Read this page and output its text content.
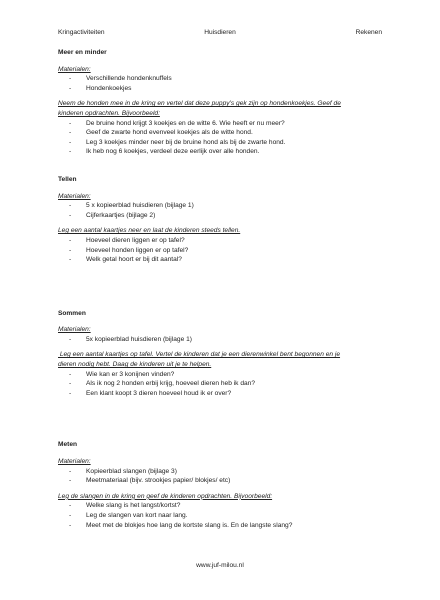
Kringactiviteiten	Huisdieren	Rekenen
Meer en minder
Materialen:
- Verschillende hondenknuffels
- Hondenkoekjes
Neem de honden mee in de kring en vertel dat deze puppy’s gek zijn op hondenkoekjes. Geef de
kinderen opdrachten. Bijvoorbeeld:
- De bruine hond krijgt 3 koekjes en de witte 6. Wie heeft er nu meer?
- Geef de zwarte hond evenveel koekjes als de witte hond.
- Leg 3 koekjes minder neer bij de bruine hond als bij de zwarte hond.
- Ik heb nog 6 koekjes, verdeel deze eerlijk over alle honden.
Tellen
Materialen:
- 5 x kopieerblad huisdieren (bijlage 1)
- Cijferkaartjes (bijlage 2)
Leg een aantal kaartjes neer en laat de kinderen steeds tellen.
- Hoeveel dieren liggen er op tafel?
- Hoeveel honden liggen er op tafel?
- Welk getal hoort er bij dit aantal?
Sommen
Materialen:
- 5x kopieerblad huisdieren (bijlage 1)
Leg een aantal kaartjes op tafel. Vertel de kinderen dat je een dierenwinkel bent begonnen en je
dieren nodig hebt. Daag de kinderen uit je te helpen.
- Wie kan er 3 konijnen vinden?
- Als ik nog 2 honden erbij krijg, hoeveel dieren heb ik dan?
- Een klant koopt 3 dieren hoeveel houd ik er over?
Meten
Materialen:
- Kopieerblad slangen (bijlage 3)
- Meetmateriaal (bijv. strookjes papier/ blokjes/ etc)
Leg de slangen in de kring en geef de kinderen opdrachten. Bijvoorbeeld:
- Welke slang is het langst/kortst?
- Leg de slangen van kort naar lang.
- Meet met de blokjes hoe lang de kortste slang is. En de langste slang?
www.juf-milou.nl
